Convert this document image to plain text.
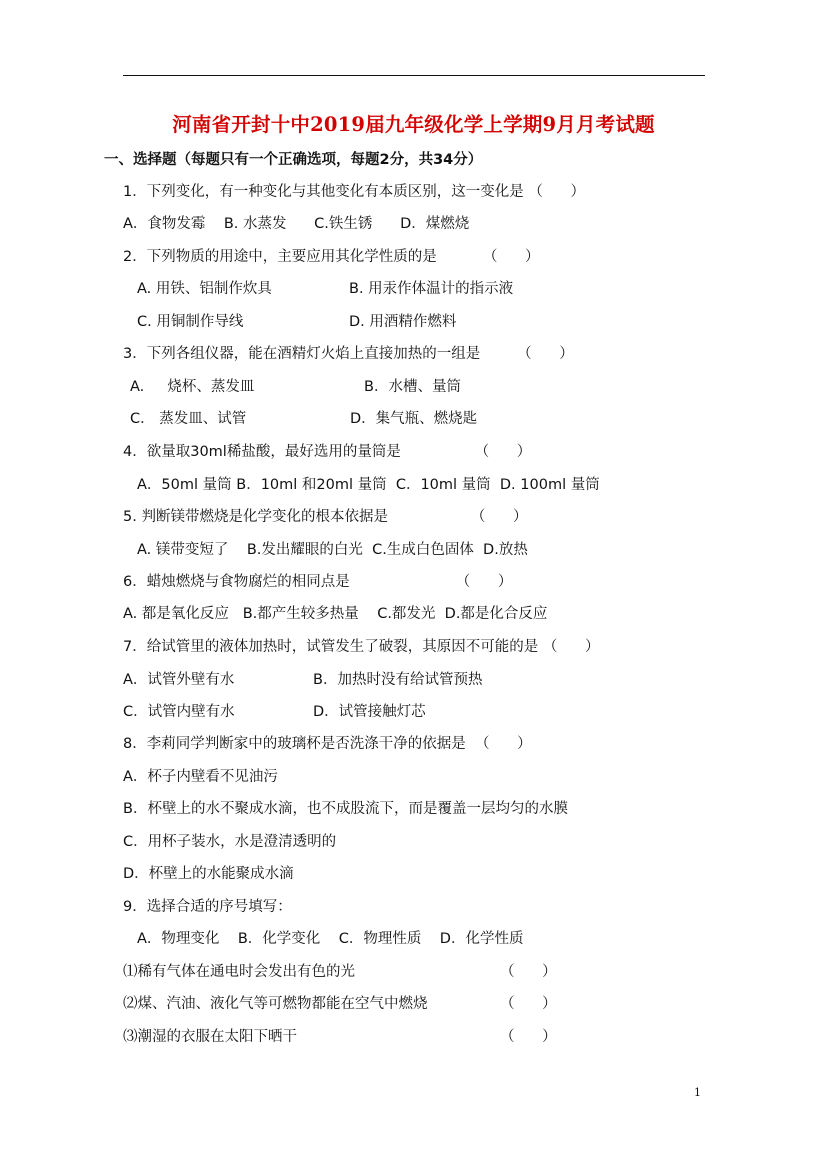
河南省开封十中2019届九年级化学上学期9月月考试题
一、选择题（每题只有一个正确选项，每题2分，共34分）
1．下列变化，有一种变化与其他变化有本质区别，这一变化是 （      ）
A．食物发霉    B. 水蒸发      C.铁生锈      D．煤燃烧
2．下列物质的用途中，主要应用其化学性质的是          （      ）
A. 用铁、铝制作炊具	B. 用汞作体温计的指示液
C. 用铜制作导线	D. 用酒精作燃料
3．下列各组仪器，能在酒精灯火焰上直接加热的一组是        （      ）
A.     烧杯、蒸发皿	B．水槽、量筒
C． 蒸发皿、试管	D．集气瓶、燃烧匙
4．欲量取30ml稀盐酸，最好选用的量筒是                （      ）
A．50ml 量筒 B．10ml 和20ml 量筒  C．10ml 量筒  D. 100ml 量筒
5. 判断镁带燃烧是化学变化的根本依据是                  （      ）
A. 镁带变短了    B.发出耀眼的白光  C.生成白色固体  D.放热
6．蜡烛燃烧与食物腐烂的相同点是                       （      ）
A. 都是氧化反应   B.都产生较多热量    C.都发光  D.都是化合反应
7．给试管里的液体加热时，试管发生了破裂，其原因不可能的是 （      ）
A．试管外壁有水	B．加热时没有给试管预热
C．试管内壁有水	D．试管接触灯芯
8．李莉同学判断家中的玻璃杯是否洗涤干净的依据是  （      ）
A．杯子内壁看不见油污
B．杯壁上的水不聚成水滴，也不成股流下，而是覆盖一层均匀的水膜
C．用杯子装水，水是澄清透明的
D．杯壁上的水能聚成水滴
9．选择合适的序号填写：
A．物理变化    B．化学变化    C．物理性质    D．化学性质
⑴稀有气体在通电时会发出有色的光	（      ）
⑵煤、汽油、液化气等可燃物都能在空气中燃烧	（      ）
⑶潮湿的衣服在太阳下晒干	（      ）
1
